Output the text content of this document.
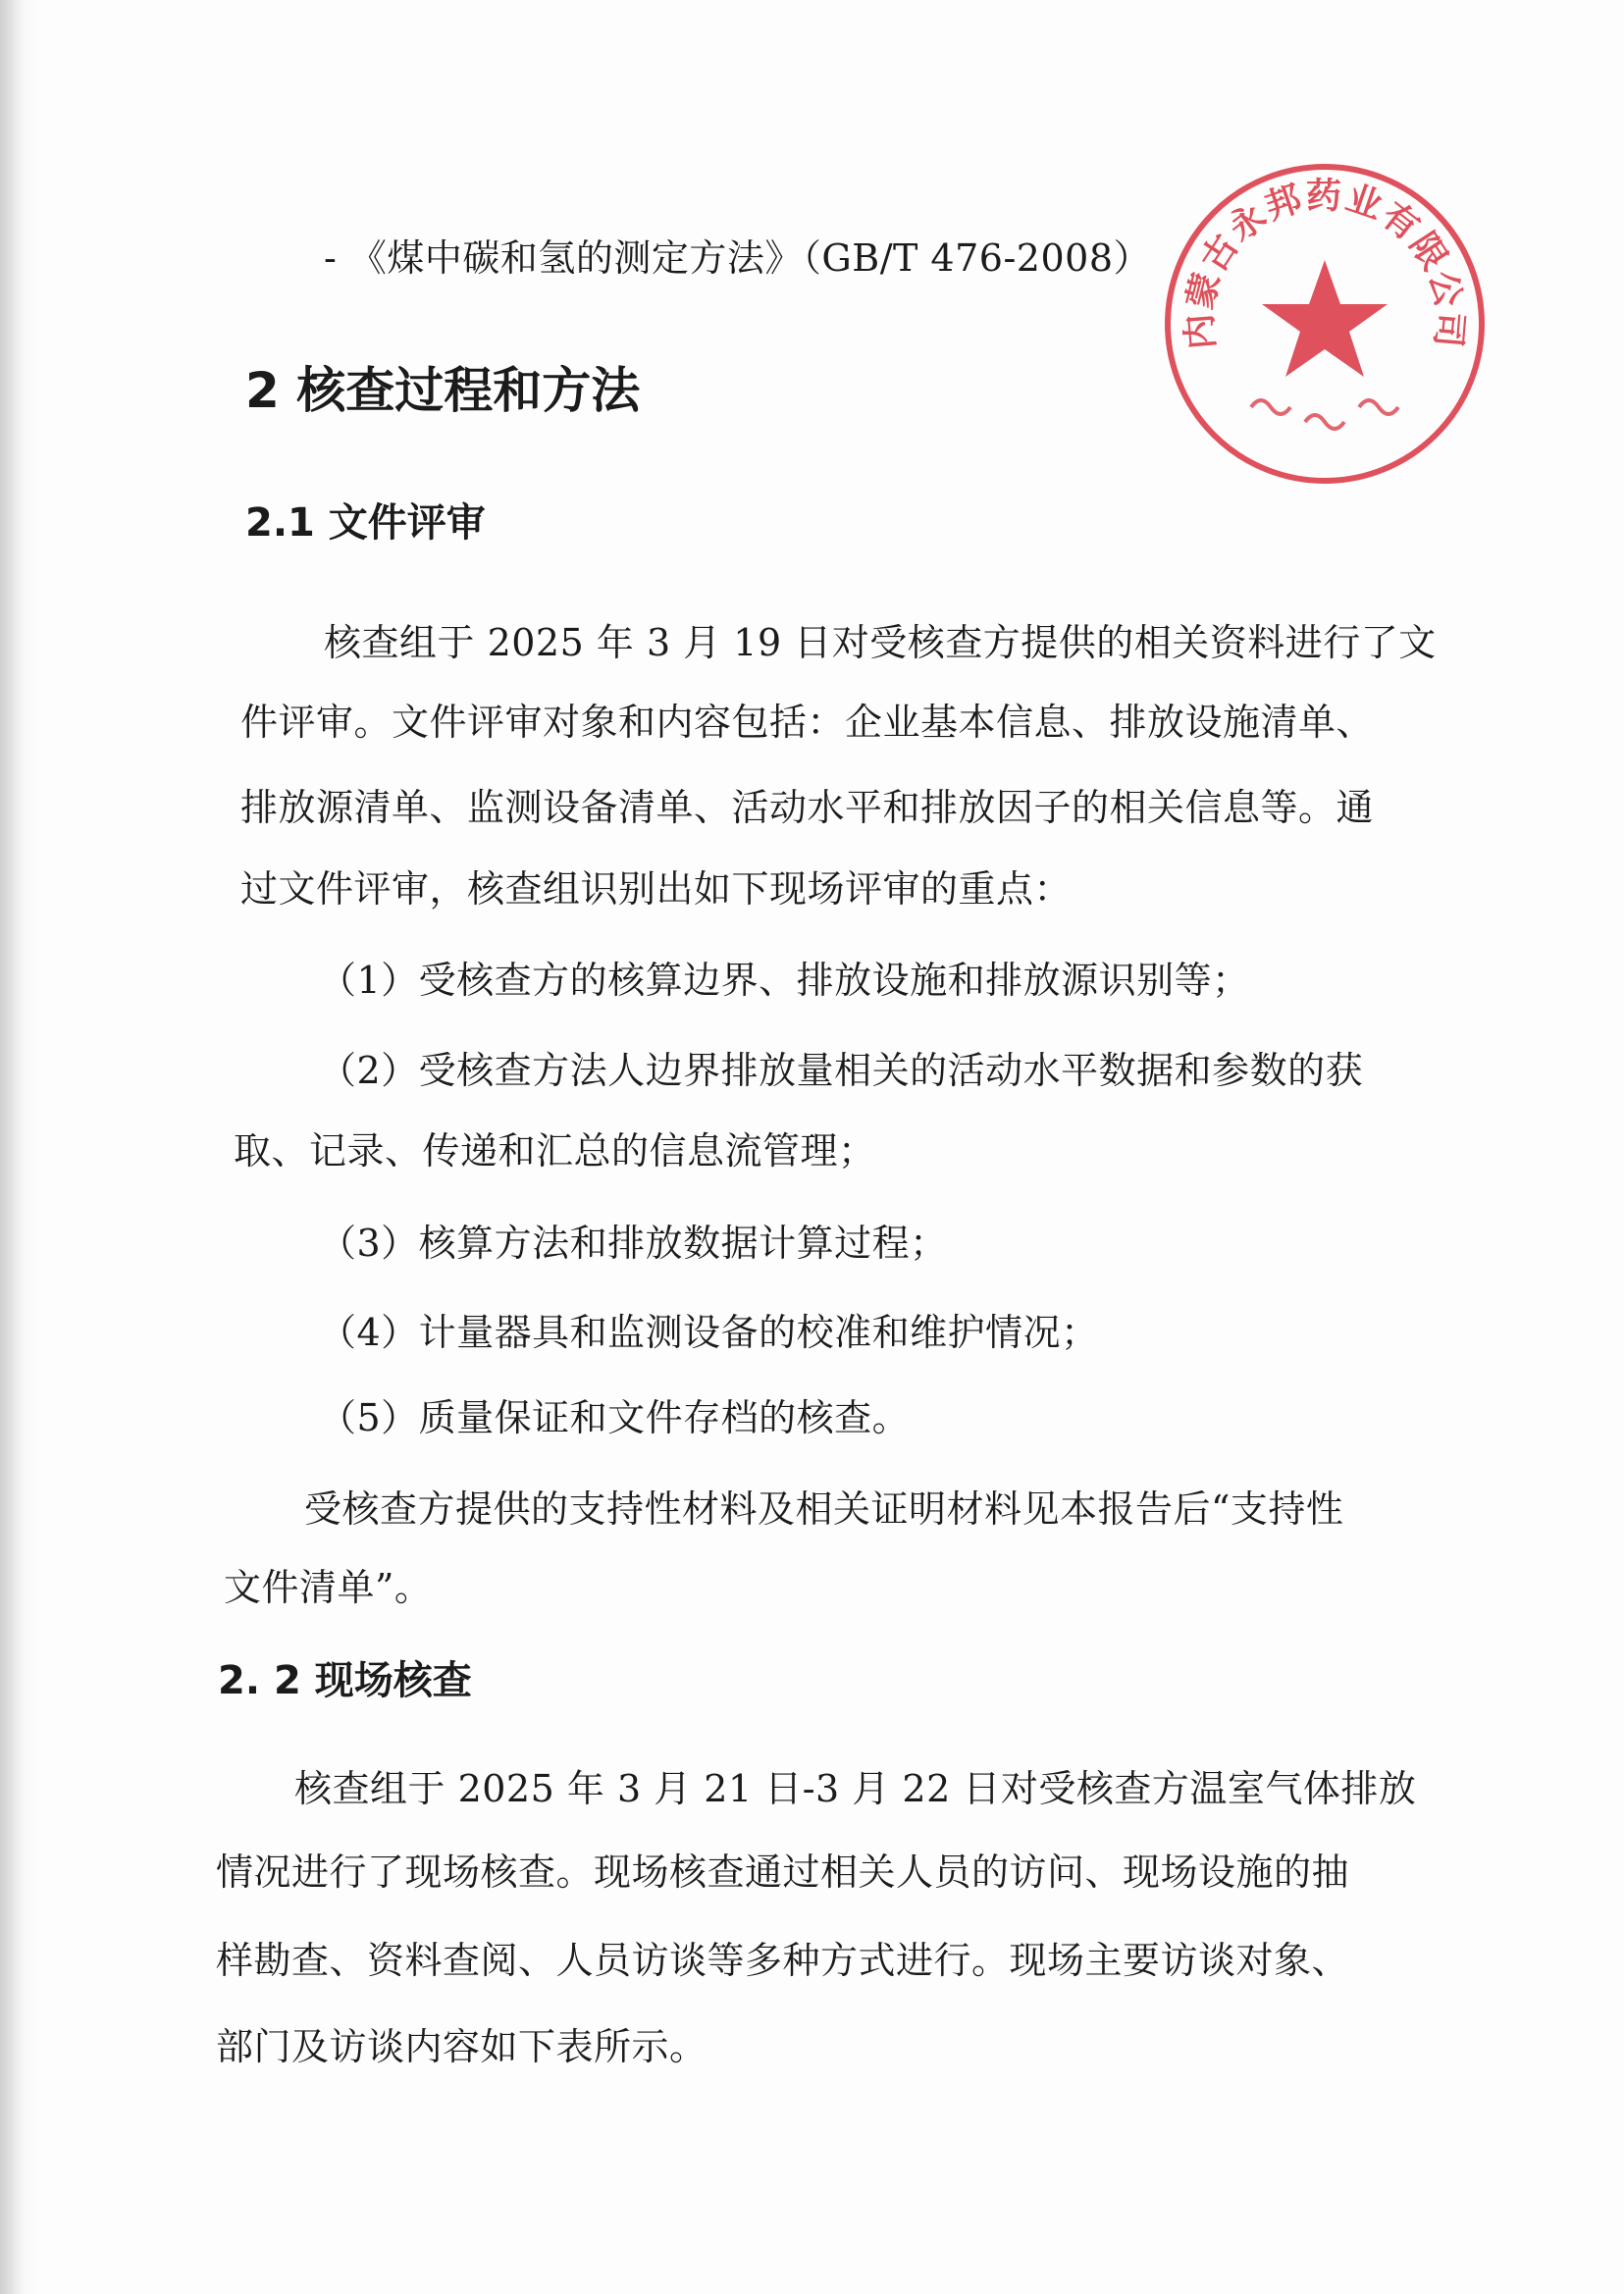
- 《煤中碳和氢的测定方法》（GB/T 476-2008）
2 核查过程和方法
2.1 文件评审
核查组于 2025 年 3 月 19 日对受核查方提供的相关资料进行了文
件评审。文件评审对象和内容包括：企业基本信息、排放设施清单、
排放源清单、监测设备清单、活动水平和排放因子的相关信息等。通
过文件评审，核查组识别出如下现场评审的重点：
（1）受核查方的核算边界、排放设施和排放源识别等；
（2）受核查方法人边界排放量相关的活动水平数据和参数的获
取、记录、传递和汇总的信息流管理；
（3）核算方法和排放数据计算过程；
（4）计量器具和监测设备的校准和维护情况；
（5）质量保证和文件存档的核查。
受核查方提供的支持性材料及相关证明材料见本报告后“支持性
文件清单”。
2. 2 现场核查
核查组于 2025 年 3 月 21 日-3 月 22 日对受核查方温室气体排放
情况进行了现场核查。现场核查通过相关人员的访问、现场设施的抽
样勘查、资料查阅、人员访谈等多种方式进行。现场主要访谈对象、
部门及访谈内容如下表所示。
内蒙古永邦药业有限公司
